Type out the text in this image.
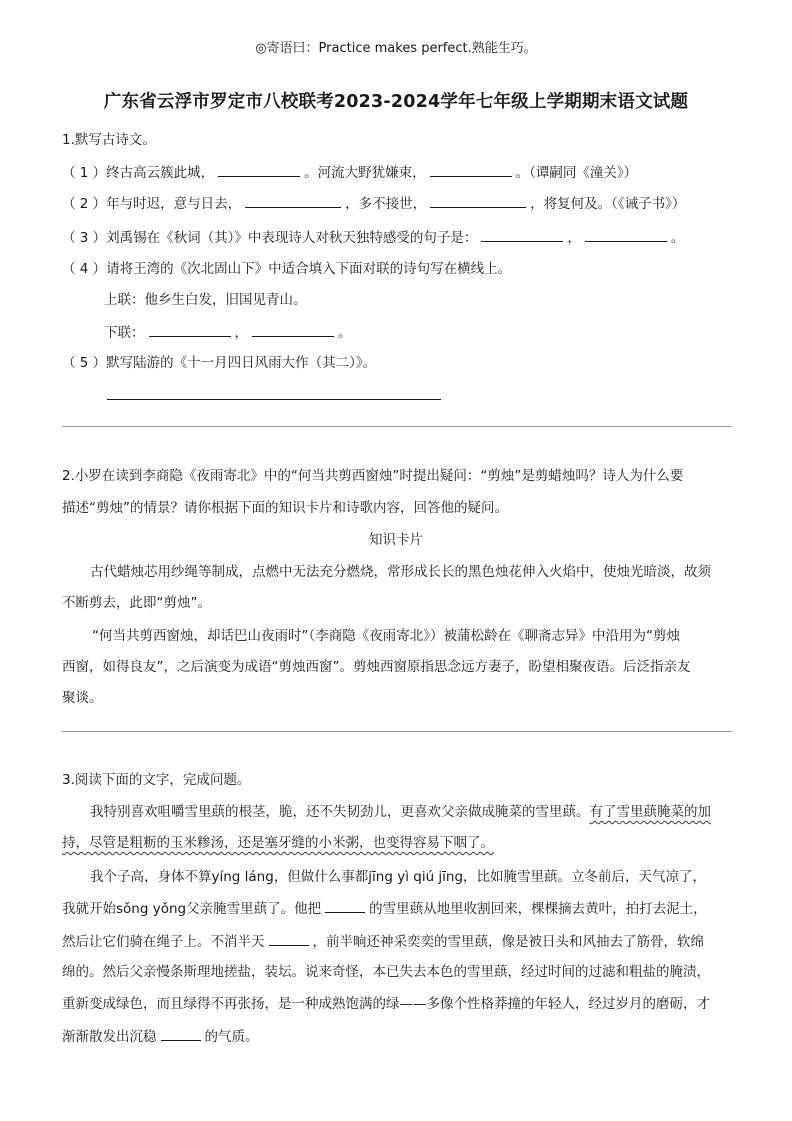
◎寄语曰：Practice makes perfect.熟能生巧。
广东省云浮市罗定市八校联考2023-2024学年七年级上学期期末语文试题
1.默写古诗文。
（ 1 ）终古高云簇此城，	。河流大野犹嫌束，	。（谭嗣同《潼关》）
（ 2 ）年与时迟，意与日去，	，多不接世，	，将复何及。（《诫子书》）
（ 3 ）刘禹锡在《秋词（其）》中表现诗人对秋天独特感受的句子是：	，	。
（ 4 ）请将王湾的《次北固山下》中适合填入下面对联的诗句写在横线上。
上联：他乡生白发，旧国见青山。
下联：	，	。
（ 5 ）默写陆游的《十一月四日风雨大作（其二）》。
2.小罗在读到李商隐《夜雨寄北》中的“何当共剪西窗烛”时提出疑问：“剪烛”是剪蜡烛吗？诗人为什么要
描述“剪烛”的情景？请你根据下面的知识卡片和诗歌内容，回答他的疑问。
知识卡片
古代蜡烛芯用纱绳等制成，点燃中无法充分燃烧，常形成长长的黑色烛花伸入火焰中，使烛光暗淡，故须
不断剪去，此即“剪烛”。
“何当共剪西窗烛，却话巴山夜雨时”（李商隐《夜雨寄北》）被蒲松龄在《聊斋志异》中沿用为“剪烛
西窗，如得良友”，之后演变为成语“剪烛西窗”。剪烛西窗原指思念远方妻子，盼望相聚夜语。后泛指亲友
聚谈。
3.阅读下面的文字，完成问题。
我特别喜欢咀嚼雪里蕻的根茎，脆，还不失韧劲儿，更喜欢父亲做成腌菜的雪里蕻。有了雪里蕻腌菜的加
持，尽管是粗粝的玉米糁汤，还是塞牙缝的小米粥，也变得容易下咽了。
我个子高，身体不算yíng láng，但做什么事都jīng yì qiú jīng，比如腌雪里蕻。立冬前后，天气凉了，
我就开始sǒng yǒng父亲腌雪里蕻了。他把	的雪里蕻从地里收割回来，棵棵摘去黄叶，拍打去泥土，
然后让它们骑在绳子上。不消半天	，前半晌还神采奕奕的雪里蕻，像是被日头和风抽去了筋骨，软绵
绵的。然后父亲慢条斯理地搓盐，装坛。说来奇怪，本已失去本色的雪里蕻，经过时间的过滤和粗盐的腌渍，
重新变成绿色，而且绿得不再张扬，是一种成熟饱满的绿——多像个性格莽撞的年轻人，经过岁月的磨砺，才
渐渐散发出沉稳	的气质。
